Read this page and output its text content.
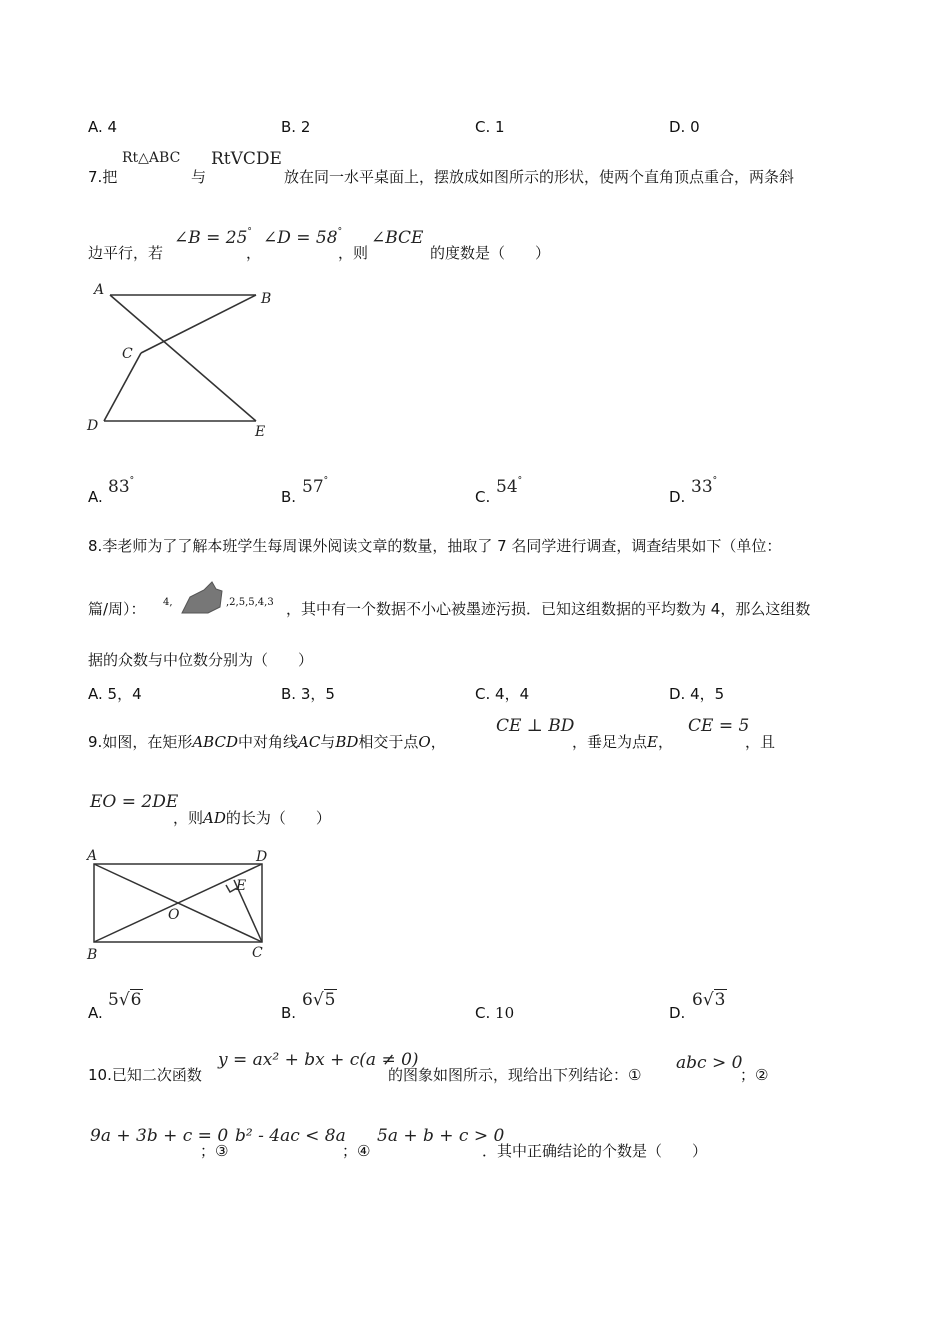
A. 4	B. 2	C. 1	D. 0
7.把
Rt△ABC
与
RtVCDE
放在同一水平桌面上，摆放成如图所示的形状，使两个直角顶点重合，两条斜
边平行，若
∠B = 25°
，
∠D = 58°
，则
∠BCE
的度数是（　　）
A
B
C
D	E
A. 83°
B. 57°
C. 54°
D. 33°
8.李老师为了了解本班学生每周课外阅读文章的数量，抽取了 7 名同学进行调查，调查结果如下（单位：
篇/周）： 4,	,2,5,5,4,3 ，其中有一个数据不小心被墨迹污损．已知这组数据的平均数为 4，那么这组数
据的众数与中位数分别为（　　）
A. 5，4	B. 3，5	C. 4，4	D. 4，5
9.如图，在矩形ABCD中对角线AC与BD相交于点O，
CE ⊥ BD
，垂足为点E，
CE = 5
，且
EO = 2DE
，则AD的长为（　　）
A	D
B	C
E
O
A.
5√6
B.
6√5
C. 10	D.
6√3
10.已知二次函数
y = ax² + bx + c(a ≠ 0)
的图象如图所示，现给出下列结论：①
abc > 0
；②
9a + 3b + c = 0
；③
b² - 4ac < 8a
；④
5a + b + c > 0
．其中正确结论的个数是（　　）
